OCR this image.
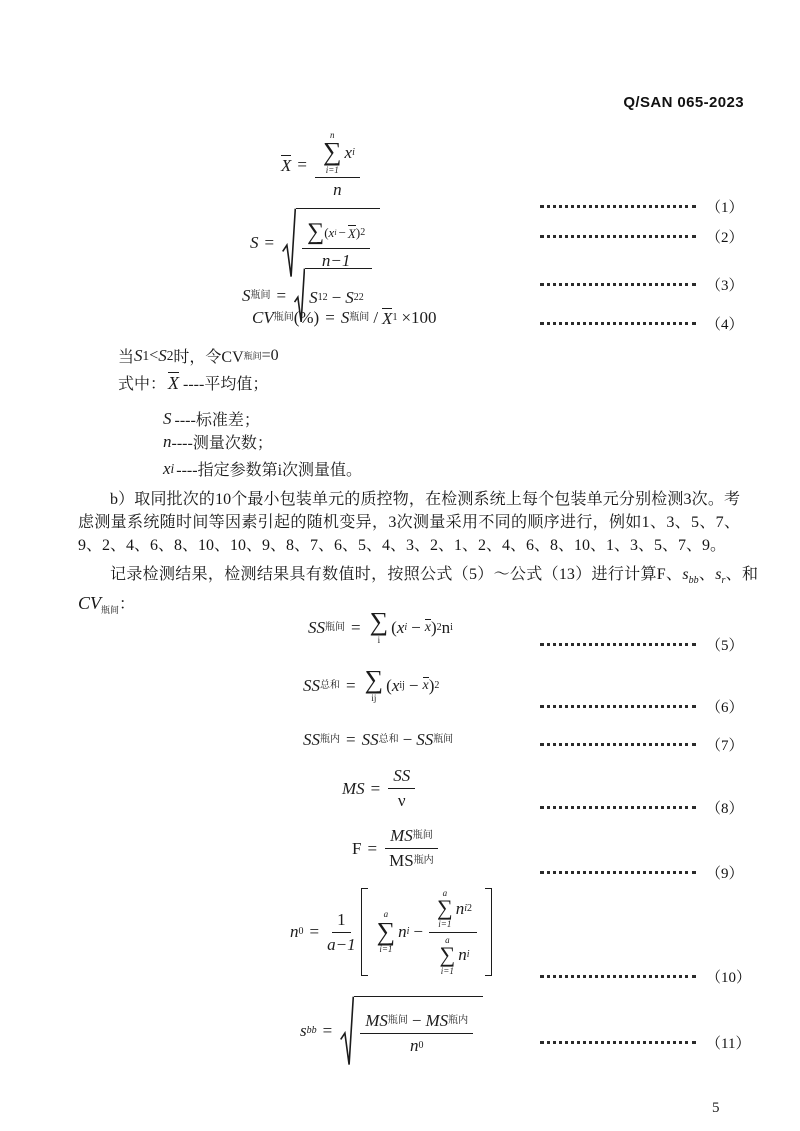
Q/SAN 065-2023
X = n
∑
i=1
x i
n
（1）
$S = \frac{\text{∑ ( x i − X ) 2}}{n-1}$	（2）
S 瓶间 =	S 1 2 − S 2 2
（3）
CV 瓶间 (%) = S 瓶间 / X 1 ×100	（4）
当 S 1 < S 2 时，令CV 瓶间 =0
式中： X ----平均值；
S ----标准差；
n ----测量次数；
x i ----指定参数第i次测量值。

b）取同批次的10个最小包装单元的质控物，在检测系统上每个包装单元分别检测3次。考虑测量系统随时间等因素引起的随机变异，3次测量采用不同的顺序进行，例如1、3、5、7、9、2、4、6、8、10、10、9、8、7、6、5、4、3、2、1、2、4、6、8、10、1、3、5、7、9。

记录检测结果，检测结果具有数值时，按照公式（5）～公式（13）进行计算F、$s_{bb}$、$s_r$、和$CV_{瓶间}$：

SS 瓶间 = ∑
i
( x i − x ) 2 n i
（5）
SS 总和 = ∑
ij
( x ij − x ) 2
（6）
SS 瓶内 = SS 总和 − SS 瓶间	（7）
MS = $\frac{SS}{\nu}$	（8）
$F = \frac{\text{MS 瓶间}}{\text{MS 瓶内}}$
（9）
n $0 = \frac{1}{a-1}$	a
∑
i=1
n i − a
∑
i=1
n i 2
a
∑
i=1
n i
（10）
s bb =	$\frac{\text{MS 瓶间 − MS 瓶内}}{n 0}$	（11）
5
